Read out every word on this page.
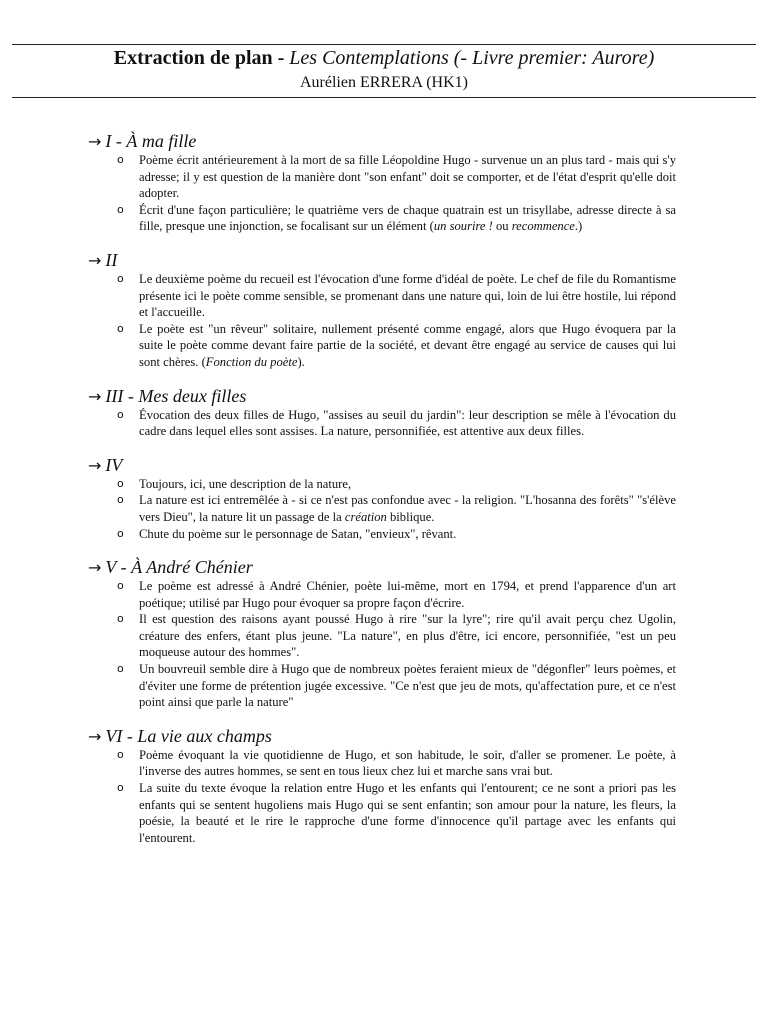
Extraction de plan - Les Contemplations (- Livre premier: Aurore)
Aurélien ERRERA (HK1)
→ I - À ma fille
o Poème écrit antérieurement à la mort de sa fille Léopoldine Hugo - survenue un an plus tard - mais qui s'y adresse; il y est question de la manière dont "son enfant" doit se comporter, et de l'état d'esprit qu'elle doit adopter.
o Écrit d'une façon particulière; le quatrième vers de chaque quatrain est un trisyllabe, adresse directe à sa fille, presque une injonction, se focalisant sur un élément (un sourire ! ou recommence.)
→ II
o Le deuxième poème du recueil est l'évocation d'une forme d'idéal de poète. Le chef de file du Romantisme présente ici le poète comme sensible, se promenant dans une nature qui, loin de lui être hostile, lui répond et l'accueille.
o Le poète est "un rêveur" solitaire, nullement présenté comme engagé, alors que Hugo évoquera par la suite le poète comme devant faire partie de la société, et devant être engagé au service de causes qui lui sont chères. (Fonction du poète).
→ III - Mes deux filles
o Évocation des deux filles de Hugo, "assises au seuil du jardin": leur description se mêle à l'évocation du cadre dans lequel elles sont assises. La nature, personnifiée, est attentive aux deux filles.
→ IV
o Toujours, ici, une description de la nature,
o La nature est ici entremêlée à - si ce n'est pas confondue avec - la religion. "L'hosanna des forêts" "s'élève vers Dieu", la nature lit un passage de la création biblique.
o Chute du poème sur le personnage de Satan, "envieux", rêvant.
→ V - À André Chénier
o Le poème est adressé à André Chénier, poète lui-même, mort en 1794, et prend l'apparence d'un art poétique; utilisé par Hugo pour évoquer sa propre façon d'écrire.
o Il est question des raisons ayant poussé Hugo à rire "sur la lyre"; rire qu'il avait perçu chez Ugolin, créature des enfers, étant plus jeune. "La nature", en plus d'être, ici encore, personnifiée, "est un peu moqueuse autour des hommes".
o Un bouvreuil semble dire à Hugo que de nombreux poètes feraient mieux de "dégonfler" leurs poèmes, et d'éviter une forme de prétention jugée excessive. "Ce n'est que jeu de mots, qu'affectation pure, et ce n'est point ainsi que parle la nature"
→ VI - La vie aux champs
o Poème évoquant la vie quotidienne de Hugo, et son habitude, le soir, d'aller se promener. Le poète, à l'inverse des autres hommes, se sent en tous lieux chez lui et marche sans vrai but.
o La suite du texte évoque la relation entre Hugo et les enfants qui l'entourent; ce ne sont a priori pas les enfants qui se sentent hugoliens mais Hugo qui se sent enfantin; son amour pour la nature, les fleurs, la poésie, la beauté et le rire le rapproche d'une forme d'innocence qu'il partage avec les enfants qui l'entourent.
